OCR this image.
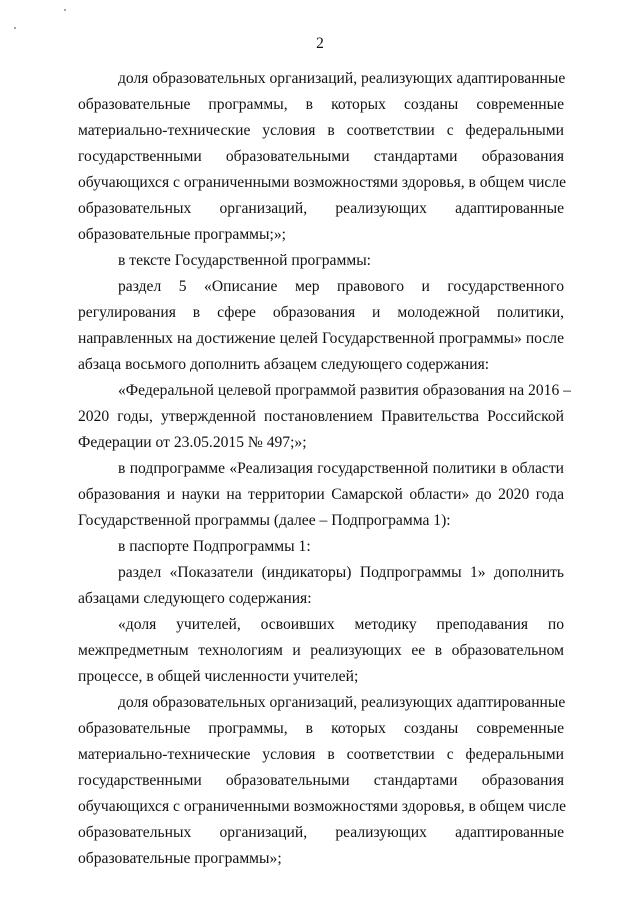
2
доля образовательных организаций, реализующих адаптированные
образовательные программы, в которых созданы современные
материально-технические условия в соответствии с федеральными
государственными образовательными стандартами образования
обучающихся с ограниченными возможностями здоровья, в общем числе
образовательных организаций, реализующих адаптированные
образовательные программы;»;
в тексте Государственной программы:
раздел 5 «Описание мер правового и государственного
регулирования в сфере образования и молодежной политики,
направленных на достижение целей Государственной программы» после
абзаца восьмого дополнить абзацем следующего содержания:
«Федеральной целевой программой развития образования на 2016 –
2020 годы, утвержденной постановлением Правительства Российской
Федерации от 23.05.2015 № 497;»;
в подпрограмме «Реализация государственной политики в области
образования и науки на территории Самарской области» до 2020 года
Государственной программы (далее – Подпрограмма 1):
в паспорте Подпрограммы 1:
раздел «Показатели (индикаторы) Подпрограммы 1» дополнить
абзацами следующего содержания:
«доля учителей, освоивших методику преподавания по
межпредметным технологиям и реализующих ее в образовательном
процессе, в общей численности учителей;
доля образовательных организаций, реализующих адаптированные
образовательные программы, в которых созданы современные
материально-технические условия в соответствии с федеральными
государственными образовательными стандартами образования
обучающихся с ограниченными возможностями здоровья, в общем числе
образовательных организаций, реализующих адаптированные
образовательные программы»;
